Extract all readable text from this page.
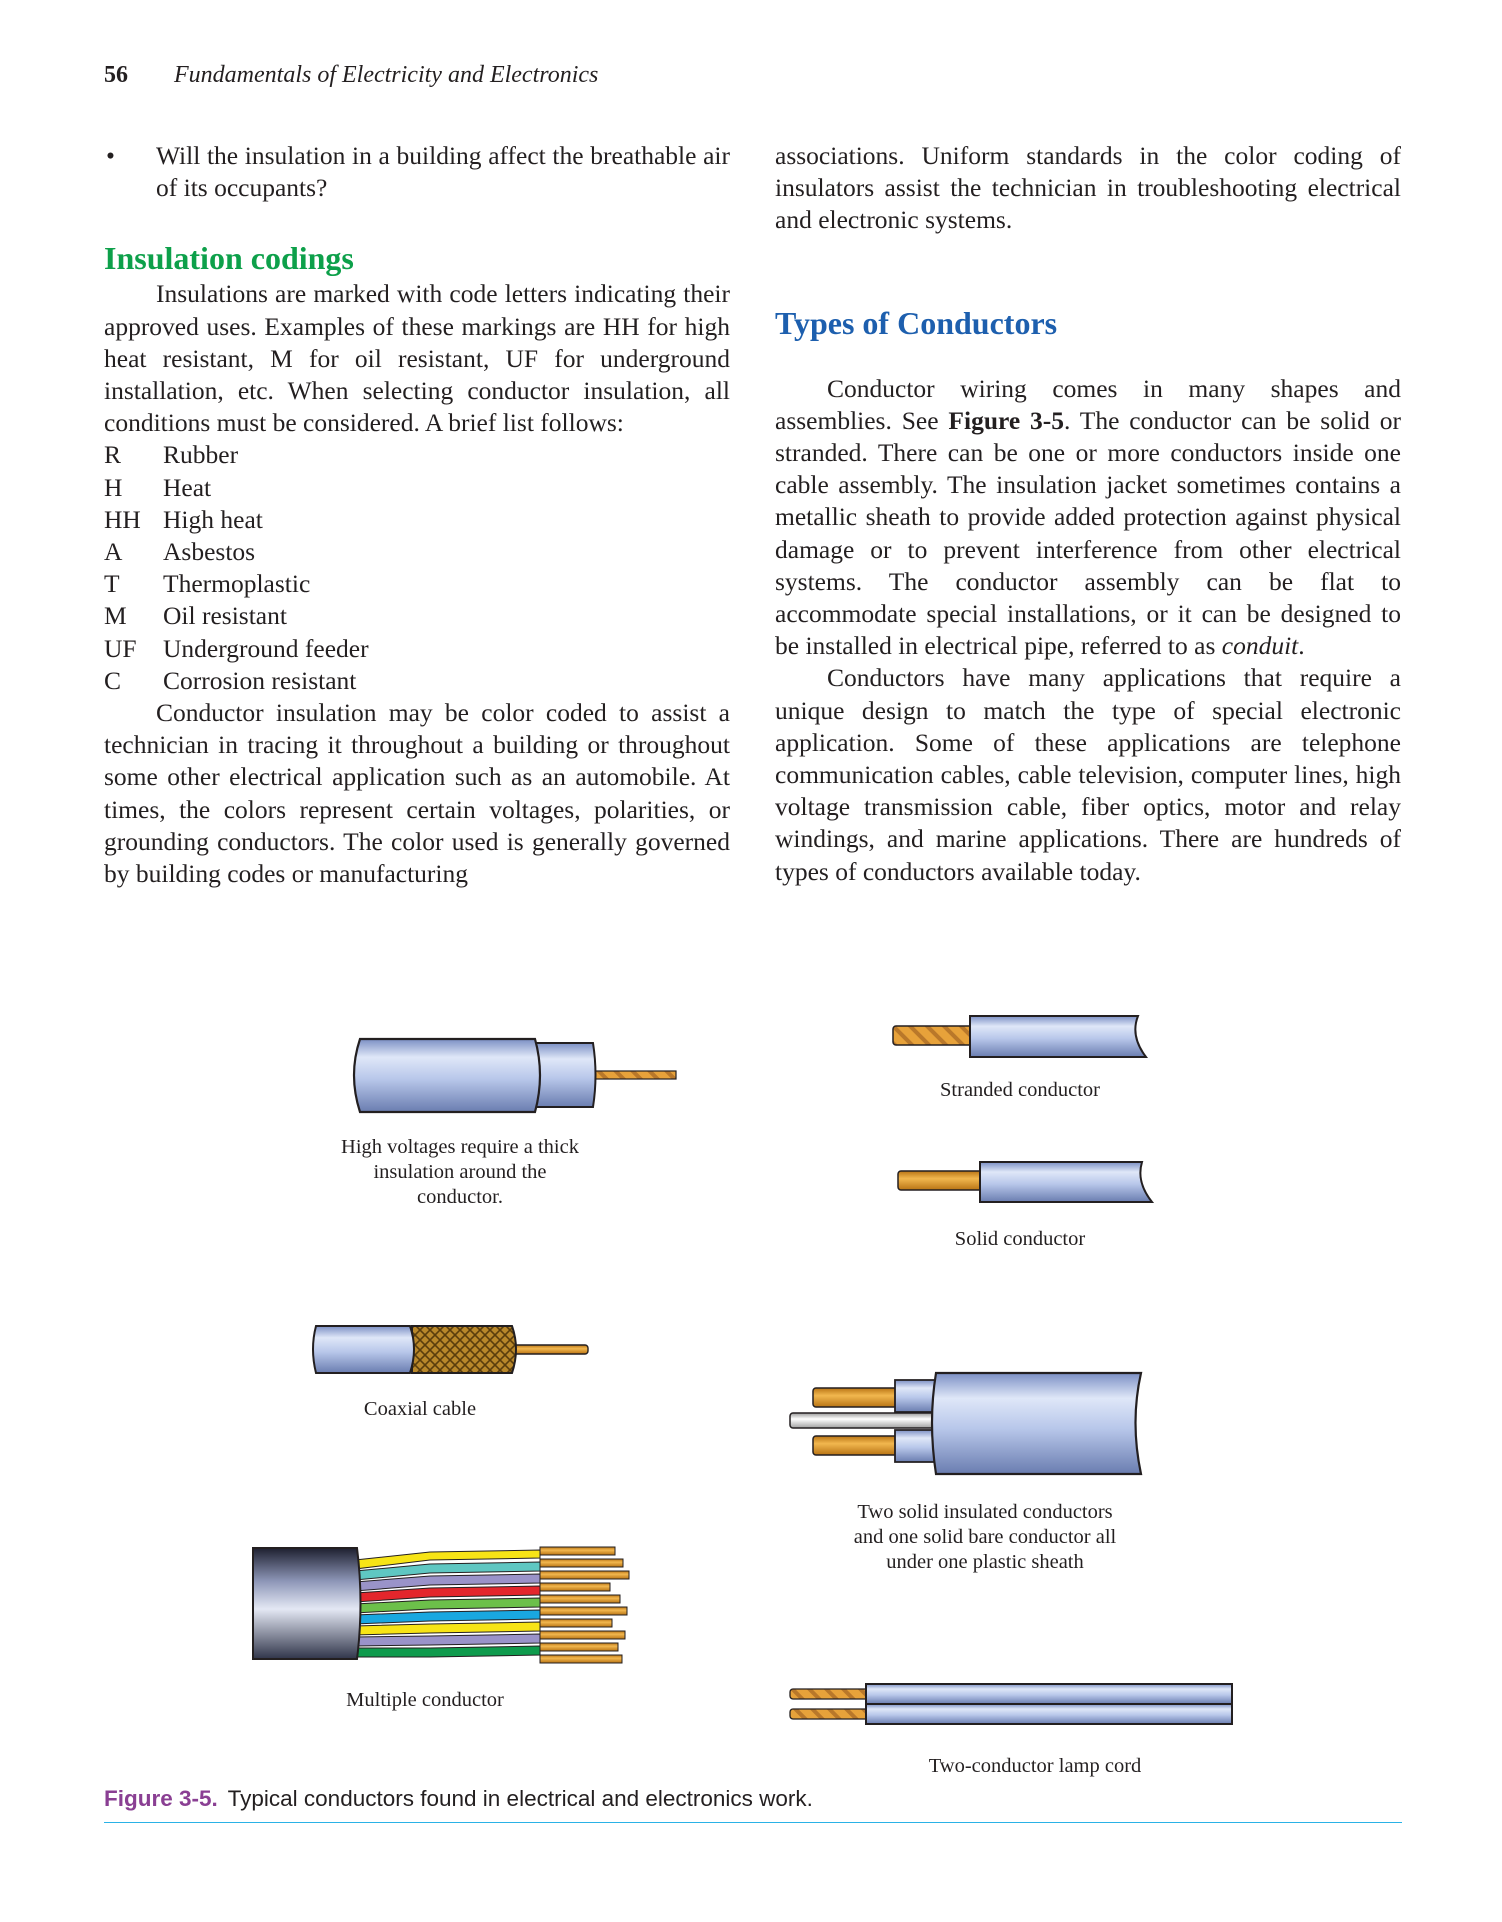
56 Fundamentals of Electricity and Electronics

• Will the insulation in a building affect the breathable air of its occupants?

Insulation codings

Insulations are marked with code letters indicating their approved uses. Examples of these markings are HH for high heat resistant, M for oil resistant, UF for underground installation, etc. When selecting conductor insulation, all conditions must be considered. A brief list follows:

R	Rubber
H	Heat
HH High heat
A	Asbestos
T	Thermoplastic
M	Oil resistant
UF	Underground feeder
C	Corrosion resistant

Conductor insulation may be color coded to assist a technician in tracing it throughout a building or throughout some other electrical application such as an automobile. At times, the colors represent certain voltages, polarities, or grounding conductors. The color used is generally governed by building codes or manufacturing

associations. Uniform standards in the color coding of insulators assist the technician in troubleshooting electrical and electronic systems.

Types of Conductors

Conductor wiring comes in many shapes and assemblies. See Figure 3-5. The conductor can be solid or stranded. There can be one or more conductors inside one cable assembly. The insulation jacket sometimes contains a metallic sheath to provide added protection against physical damage or to prevent interference from other electrical systems. The conductor assembly can be flat to accommodate special installations, or it can be designed to be installed in electrical pipe, referred to as conduit.

Conductors have many applications that require a unique design to match the type of special electronic application. Some of these applications are telephone communication cables, cable television, computer lines, high voltage transmission cable, fiber optics, motor and relay windings, and marine applications. There are hundreds of types of conductors available today.

High voltages require a thick insulation around the conductor.
Stranded conductor
Solid conductor
Coaxial cable
Two solid insulated conductors and one solid bare conductor all under one plastic sheath
Multiple conductor
Two-conductor lamp cord
Figure 3-5. Typical conductors found in electrical and electronics work.
